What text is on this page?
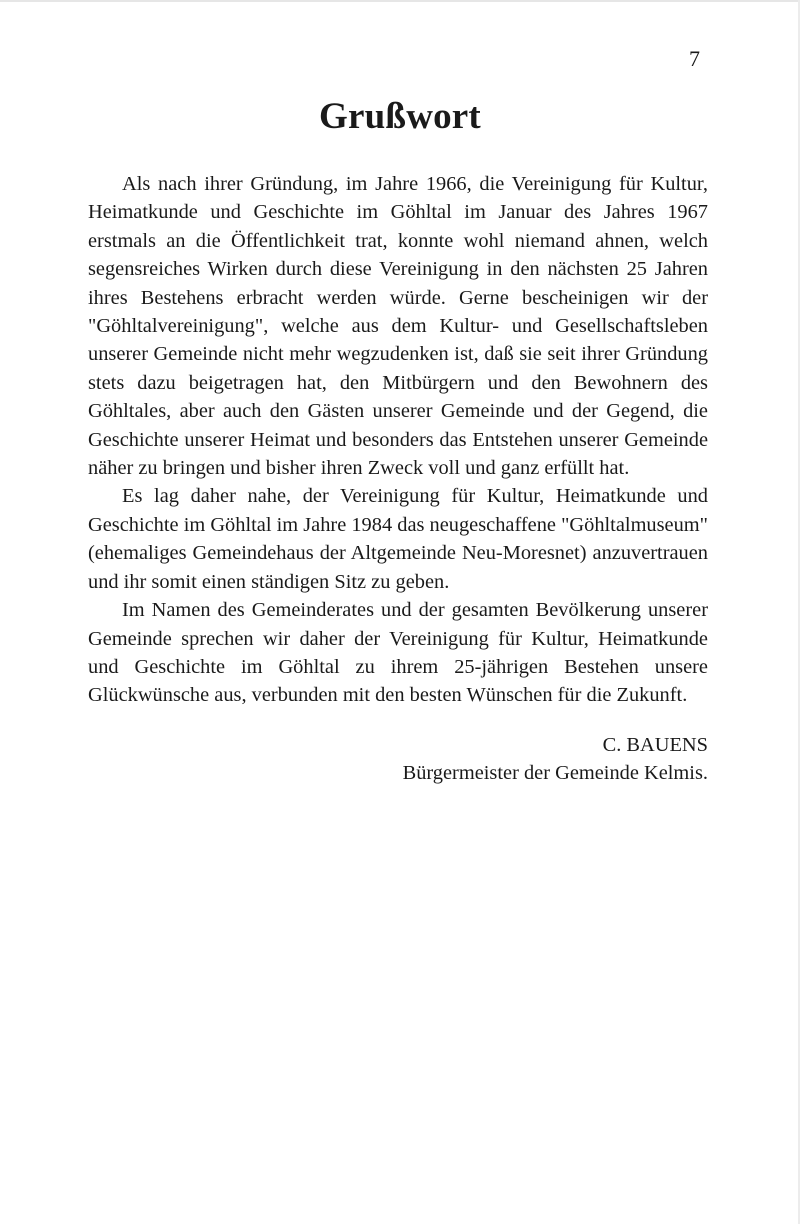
7
Grußwort

Als nach ihrer Gründung, im Jahre 1966, die Vereinigung für Kultur, Heimatkunde und Geschichte im Göhltal im Januar des Jahres 1967 erstmals an die Öffentlichkeit trat, konnte wohl niemand ahnen, welch segensreiches Wirken durch diese Vereinigung in den nächsten 25 Jahren ihres Bestehens erbracht werden würde. Gerne bescheinigen wir der "Göhltalvereinigung", welche aus dem Kultur- und Gesellschaftsleben unserer Gemeinde nicht mehr wegzudenken ist, daß sie seit ihrer Gründung stets dazu beigetragen hat, den Mitbürgern und den Bewohnern des Göhltales, aber auch den Gästen unserer Gemeinde und der Gegend, die Geschichte unserer Heimat und besonders das Entstehen unserer Gemeinde näher zu bringen und bisher ihren Zweck voll und ganz erfüllt hat.

Es lag daher nahe, der Vereinigung für Kultur, Heimatkunde und Geschichte im Göhltal im Jahre 1984 das neugeschaffene "Göhltalmuseum" (ehemaliges Gemeindehaus der Altgemeinde Neu-Moresnet) anzuvertrauen und ihr somit einen ständigen Sitz zu geben.

Im Namen des Gemeinderates und der gesamten Bevölkerung unserer Gemeinde sprechen wir daher der Vereinigung für Kultur, Heimatkunde und Geschichte im Göhltal zu ihrem 25-jährigen Bestehen unsere Glückwünsche aus, verbunden mit den besten Wünschen für die Zukunft.

C. BAUENS
Bürgermeister der Gemeinde Kelmis.
